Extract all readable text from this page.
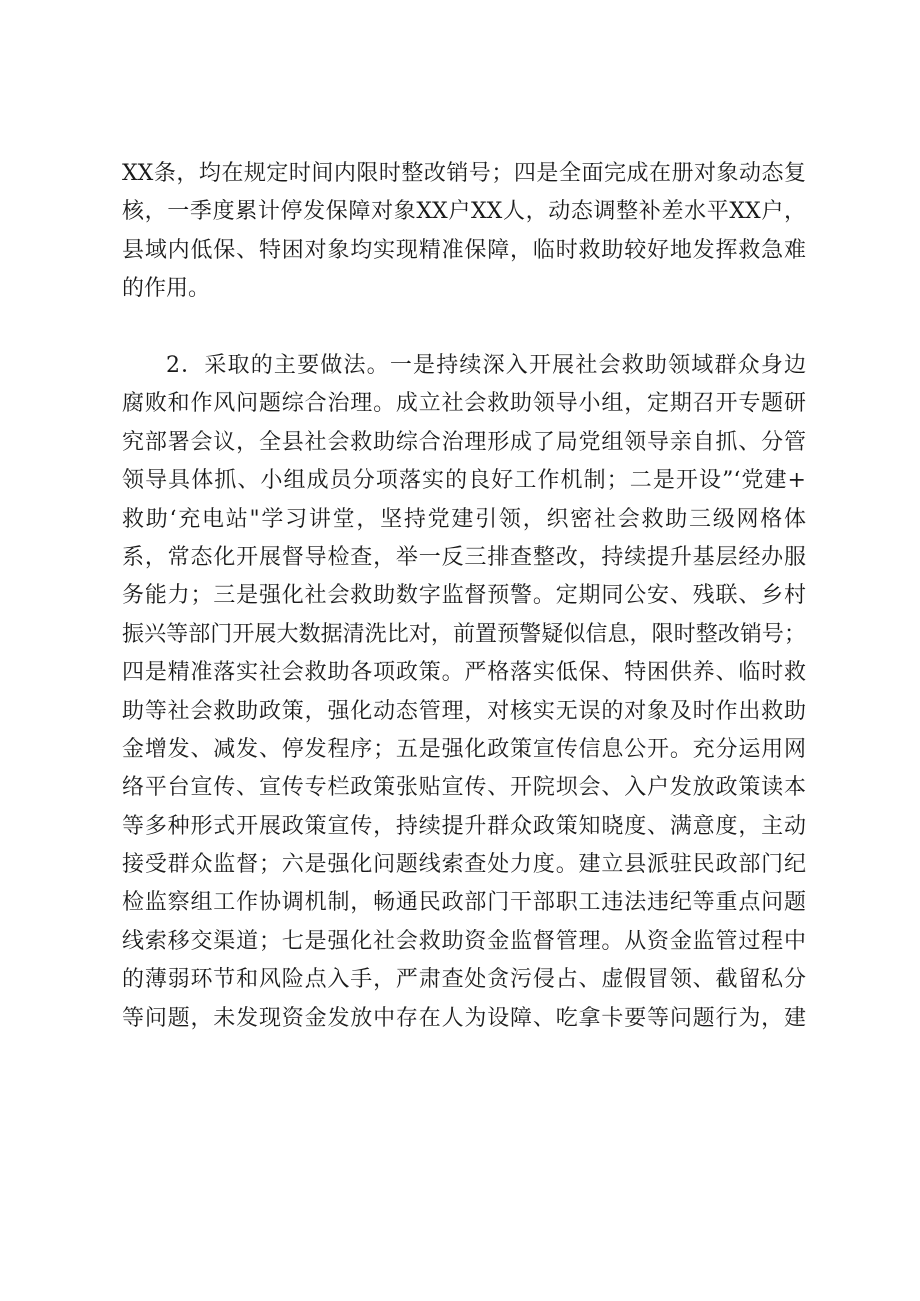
XX条，均在规定时间内限时整改销号；四是全面完成在册对象动态复
核，一季度累计停发保障对象XX户XX人，动态调整补差水平XX户，
县域内低保、特困对象均实现精准保障，临时救助较好地发挥救急难
的作用。
2．采取的主要做法。一是持续深入开展社会救助领域群众身边
腐败和作风问题综合治理。成立社会救助领导小组，定期召开专题研
究部署会议，全县社会救助综合治理形成了局党组领导亲自抓、分管
领导具体抓、小组成员分项落实的良好工作机制；二是开设”‘党建+
救助‘充电站"学习讲堂，坚持党建引领，织密社会救助三级网格体
系，常态化开展督导检查，举一反三排查整改，持续提升基层经办服
务能力；三是强化社会救助数字监督预警。定期同公安、残联、乡村
振兴等部门开展大数据清洗比对，前置预警疑似信息，限时整改销号；
四是精准落实社会救助各项政策。严格落实低保、特困供养、临时救
助等社会救助政策，强化动态管理，对核实无误的对象及时作出救助
金增发、减发、停发程序；五是强化政策宣传信息公开。充分运用网
络平台宣传、宣传专栏政策张贴宣传、开院坝会、入户发放政策读本
等多种形式开展政策宣传，持续提升群众政策知晓度、满意度，主动
接受群众监督；六是强化问题线索查处力度。建立县派驻民政部门纪
检监察组工作协调机制，畅通民政部门干部职工违法违纪等重点问题
线索移交渠道；七是强化社会救助资金监督管理。从资金监管过程中
的薄弱环节和风险点入手，严肃查处贪污侵占、虚假冒领、截留私分
等问题，未发现资金发放中存在人为设障、吃拿卡要等问题行为，建
